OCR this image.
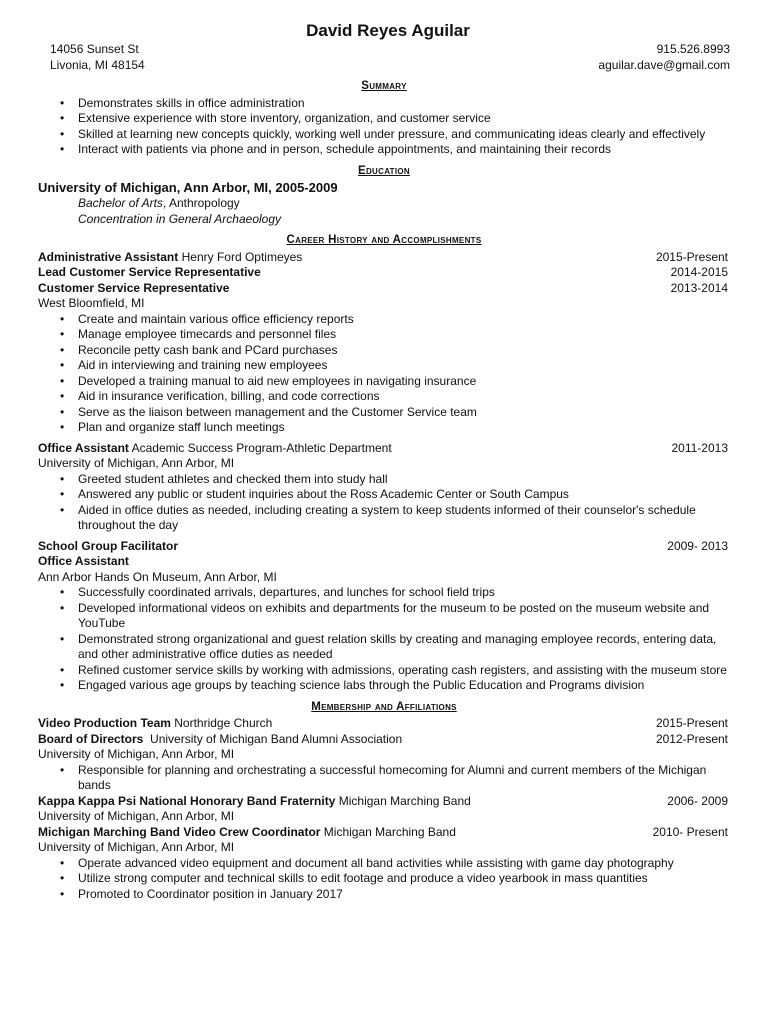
David Reyes Aguilar
14056 Sunset St
Livonia, MI 48154
915.526.8993
aguilar.dave@gmail.com
Summary
• Demonstrates skills in office administration
• Extensive experience with store inventory, organization, and customer service
• Skilled at learning new concepts quickly, working well under pressure, and communicating ideas clearly and effectively
• Interact with patients via phone and in person, schedule appointments, and maintaining their records
Education
University of Michigan, Ann Arbor, MI, 2005-2009
Bachelor of Arts, Anthropology
Concentration in General Archaeology
Career History and Accomplishments
Administrative Assistant Henry Ford Optimeyes	2015-Present
Lead Customer Service Representative	2014-2015
Customer Service Representative	2013-2014
West Bloomfield, MI
• Create and maintain various office efficiency reports
• Manage employee timecards and personnel files
• Reconcile petty cash bank and PCard purchases
• Aid in interviewing and training new employees
• Developed a training manual to aid new employees in navigating insurance
• Aid in insurance verification, billing, and code corrections
• Serve as the liaison between management and the Customer Service team
• Plan and organize staff lunch meetings
Office Assistant Academic Success Program-Athletic Department	2011-2013
University of Michigan, Ann Arbor, MI
• Greeted student athletes and checked them into study hall
• Answered any public or student inquiries about the Ross Academic Center or South Campus
• Aided in office duties as needed, including creating a system to keep students informed of their counselor's schedule throughout the day
School Group Facilitator	2009- 2013
Office Assistant
Ann Arbor Hands On Museum, Ann Arbor, MI
• Successfully coordinated arrivals, departures, and lunches for school field trips
• Developed informational videos on exhibits and departments for the museum to be posted on the museum website and YouTube
• Demonstrated strong organizational and guest relation skills by creating and managing employee records, entering data, and other administrative office duties as needed
• Refined customer service skills by working with admissions, operating cash registers, and assisting with the museum store
• Engaged various age groups by teaching science labs through the Public Education and Programs division
Membership and Affiliations
Video Production Team Northridge Church	2015-Present
Board of Directors  University of Michigan Band Alumni Association	2012-Present
University of Michigan, Ann Arbor, MI
• Responsible for planning and orchestrating a successful homecoming for Alumni and current members of the Michigan bands
Kappa Kappa Psi National Honorary Band Fraternity Michigan Marching Band	2006- 2009
University of Michigan, Ann Arbor, MI
Michigan Marching Band Video Crew Coordinator Michigan Marching Band	2010- Present
University of Michigan, Ann Arbor, MI
• Operate advanced video equipment and document all band activities while assisting with game day photography
• Utilize strong computer and technical skills to edit footage and produce a video yearbook in mass quantities
• Promoted to Coordinator position in January 2017
